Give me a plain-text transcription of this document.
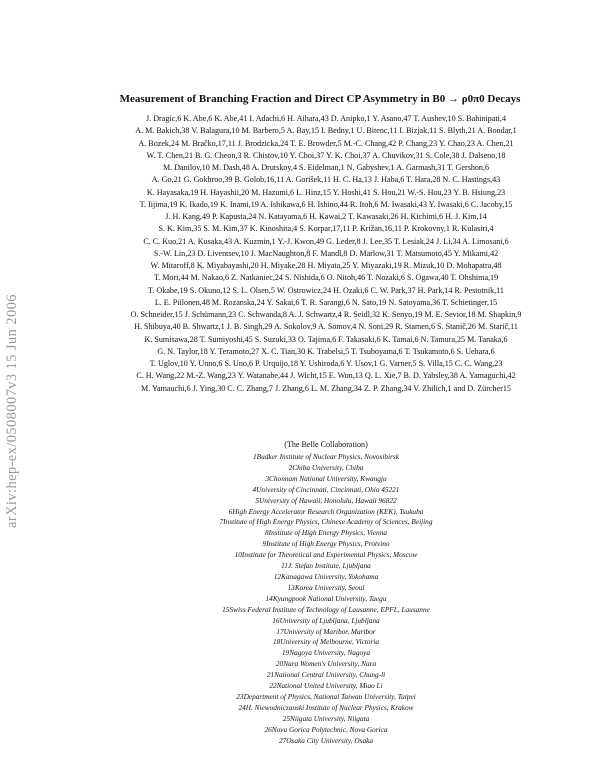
arXiv:hep-ex/0508007v3 15 Jun 2006
Measurement of Branching Fraction and Direct CP Asymmetry in B0 → ρ0π0 Decays
J. Dragic,6 K. Abe,6 K. Abe,41 I. Adachi,6 H. Aihara,43 D. Anipko,1 Y. Asano,47 T. Aushev,10 S. Bahinipati,4
A. M. Bakich,38 V. Balagura,10 M. Barbero,5 A. Bay,15 I. Bedny,1 U. Bitenc,11 I. Bizjak,11 S. Blyth,21 A. Bondar,1
A. Bozek,24 M. Bračko,17,11 J. Brodzicka,24 T. E. Browder,5 M.-C. Chang,42 P. Chang,23 Y. Chao,23 A. Chen,21
W. T. Chen,21 B. G. Cheon,3 R. Chistov,10 Y. Choi,37 Y. K. Choi,37 A. Chuvikov,31 S. Cole,38 J. Dalseno,18
M. Danilov,10 M. Dash,48 A. Drutskoy,4 S. Eidelman,1 N. Gabyshev,1 A. Garmash,31 T. Gershon,6
A. Go,21 G. Gokhroo,39 B. Golob,16,11 A. Gorišek,11 H. C. Ha,13 J. Haba,6 T. Hara,28 N. C. Hastings,43
K. Hayasaka,19 H. Hayashii,20 M. Hazumi,6 L. Hinz,15 Y. Hoshi,41 S. Hou,21 W.-S. Hou,23 Y. B. Hsiung,23
T. Iijima,19 K. Ikado,19 K. Inami,19 A. Ishikawa,6 H. Ishino,44 R. Itoh,6 M. Iwasaki,43 Y. Iwasaki,6 C. Jacoby,15
J. H. Kang,49 P. Kapusta,24 N. Katayama,6 H. Kawai,2 T. Kawasaki,26 H. Kichimi,6 H. J. Kim,14
S. K. Kim,35 S. M. Kim,37 K. Kinoshita,4 S. Korpar,17,11 P. Križan,16,11 P. Krokovny,1 R. Kulasiri,4
C. C. Kuo,21 A. Kusaka,43 A. Kuzmin,1 Y.-J. Kwon,49 G. Leder,8 J. Lee,35 T. Lesiak,24 J. Li,34 A. Limosani,6
S.-W. Lin,23 D. Liventsev,10 J. MacNaughton,8 F. Mandl,8 D. Marlow,31 T. Matsumoto,45 Y. Mikami,42
W. Mitaroff,8 K. Miyabayashi,20 H. Miyake,28 H. Miyata,25 Y. Miyazaki,19 R. Mizuk,10 D. Mohapatra,48
T. Mori,44 M. Nakao,6 Z. Natkaniec,24 S. Nishida,6 O. Nitoh,46 T. Nozaki,6 S. Ogawa,40 T. Ohshima,19
T. Okabe,19 S. Okuno,12 S. L. Olsen,5 W. Ostrowicz,24 H. Ozaki,6 C. W. Park,37 H. Park,14 R. Pestotnik,11
L. E. Piilonen,48 M. Rozanska,24 Y. Sakai,6 T. R. Sarangi,6 N. Sato,19 N. Satoyama,36 T. Schietinger,15
O. Schneider,15 J. Schümann,23 C. Schwanda,8 A. J. Schwartz,4 R. Seidl,32 K. Senyo,19 M. E. Sevior,18 M. Shapkin,9
H. Shibuya,40 B. Shwartz,1 J. B. Singh,29 A. Sokolov,9 A. Somov,4 N. Soni,29 R. Stamen,6 S. Stanič,26 M. Starič,11
K. Sumisawa,28 T. Sumiyoshi,45 S. Suzuki,33 O. Tajima,6 F. Takasaki,6 K. Tamai,6 N. Tamura,25 M. Tanaka,6
G. N. Taylor,18 Y. Teramoto,27 X. C. Tian,30 K. Trabelsi,5 T. Tsuboyama,6 T. Tsukamoto,6 S. Uehara,6
T. Uglov,10 Y. Unno,6 S. Uno,6 P. Urquijo,18 Y. Ushiroda,6 Y. Usov,1 G. Varner,5 S. Villa,15 C. C. Wang,23
C. H. Wang,22 M.-Z. Wang,23 Y. Watanabe,44 J. Wicht,15 E. Won,13 Q. L. Xie,7 B. D. Yabsley,38 A. Yamaguchi,42
M. Yamauchi,6 J. Ying,30 C. C. Zhang,7 J. Zhang,6 L. M. Zhang,34 Z. P. Zhang,34 V. Zhilich,1 and D. Zürcher15
(The Belle Collaboration)
1Budker Institute of Nuclear Physics, Novosibirsk
2Chiba University, Chiba
3Chonnam National University, Kwangju
4University of Cincinnati, Cincinnati, Ohio 45221
5University of Hawaii, Honolulu, Hawaii 96822
6High Energy Accelerator Research Organization (KEK), Tsukuba
7Institute of High Energy Physics, Chinese Academy of Sciences, Beijing
8Institute of High Energy Physics, Vienna
9Institute of High Energy Physics, Protvino
10Institute for Theoretical and Experimental Physics, Moscow
11J. Stefan Institute, Ljubljana
12Kanagawa University, Yokohama
13Korea University, Seoul
14Kyungpook National University, Taegu
15Swiss Federal Institute of Technology of Lausanne, EPFL, Lausanne
16University of Ljubljana, Ljubljana
17University of Maribor, Maribor
18University of Melbourne, Victoria
19Nagoya University, Nagoya
20Nara Women's University, Nara
21National Central University, Chung-li
22National United University, Miao Li
23Department of Physics, National Taiwan University, Taipei
24H. Niewodniczanski Institute of Nuclear Physics, Krakow
25Niigata University, Niigata
26Nova Gorica Polytechnic, Nova Gorica
27Osaka City University, Osaka
